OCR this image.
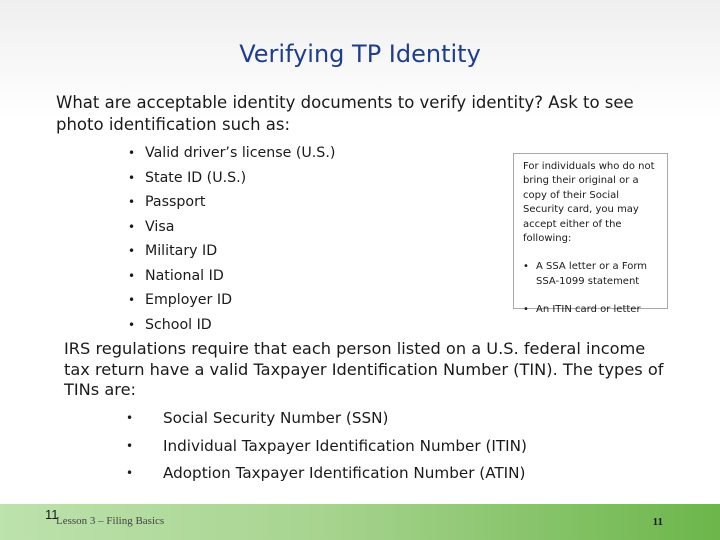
Verifying TP Identity
What are acceptable identity documents to verify identity? Ask to see photo identification such as:
• Valid driver’s license (U.S.)
• State ID (U.S.)
• Passport
• Visa
• Military ID
• National ID
• Employer ID
• School ID

For individuals who do not bring their original or a copy of their Social Security card, you may accept either of the following:

• A SSA letter or a Form SSA-1099 statement
• An ITIN card or letter
IRS regulations require that each person listed on a U.S. federal income tax return have a valid Taxpayer Identification Number (TIN). The types of TINs are:
• Social Security Number (SSN)
• Individual Taxpayer Identification Number (ITIN)
• Adoption Taxpayer Identification Number (ATIN)
11
Lesson 3 – Filing Basics	11
